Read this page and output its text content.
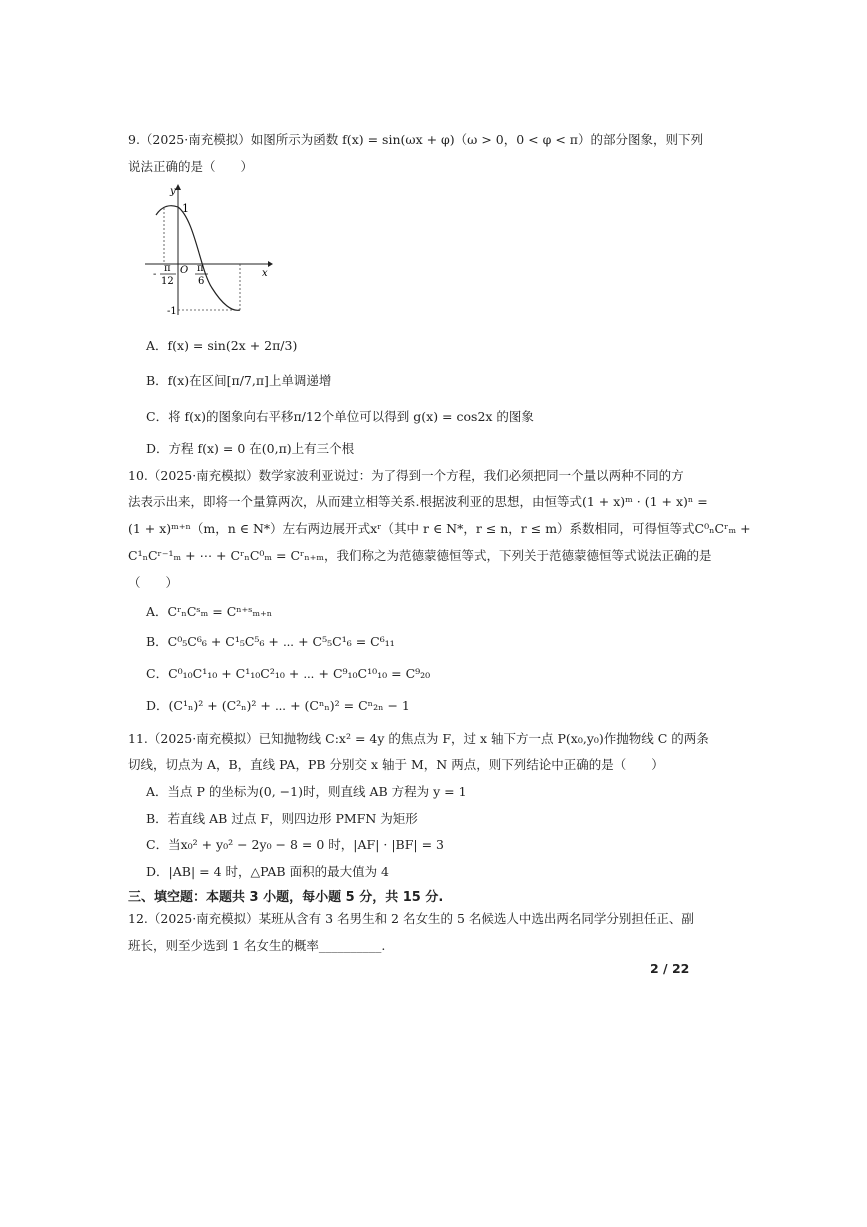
9.（2025·南充模拟）如图所示为函数 f(x) = sin(ωx + φ)（ω > 0，0 < φ < π）的部分图象，则下列
说法正确的是（　　）
y
1
x
O
-
π
12
π
6
-1
A．f(x) = sin(2x + 2π/3)
B．f(x)在区间[π/7,π]上单调递增
C．将 f(x)的图象向右平移π/12个单位可以得到 g(x) = cos2x 的图象
D．方程 f(x) = 0 在(0,π)上有三个根
10.（2025·南充模拟）数学家波利亚说过：为了得到一个方程，我们必须把同一个量以两种不同的方
法表示出来，即将一个量算两次，从而建立相等关系.根据波利亚的思想，由恒等式(1 + x)ᵐ · (1 + x)ⁿ =
(1 + x)ᵐ⁺ⁿ（m，n ∈ N*）左右两边展开式xʳ（其中 r ∈ N*，r ≤ n，r ≤ m）系数相同，可得恒等式C⁰ₙCʳₘ +
C¹ₙCʳ⁻¹ₘ + ⋯ + CʳₙC⁰ₘ = Cʳₙ₊ₘ，我们称之为范德蒙德恒等式，下列关于范德蒙德恒等式说法正确的是
（　　）
A．CʳₙCˢₘ = Cⁿ⁺ˢₘ₊ₙ
B．C⁰₅C⁶₆ + C¹₅C⁵₆ + ⋯ + C⁵₅C¹₆ = C⁶₁₁
C．C⁰₁₀C¹₁₀ + C¹₁₀C²₁₀ + ⋯ + C⁹₁₀C¹⁰₁₀ = C⁹₂₀
D．(C¹ₙ)² + (C²ₙ)² + ⋯ + (Cⁿₙ)² = Cⁿ₂ₙ − 1
11.（2025·南充模拟）已知抛物线 C:x² = 4y 的焦点为 F，过 x 轴下方一点 P(x₀,y₀)作抛物线 C 的两条
切线，切点为 A，B，直线 PA，PB 分别交 x 轴于 M，N 两点，则下列结论中正确的是（　　）
A．当点 P 的坐标为(0, −1)时，则直线 AB 方程为 y = 1
B．若直线 AB 过点 F，则四边形 PMFN 为矩形
C．当x₀² + y₀² − 2y₀ − 8 = 0 时，|AF| · |BF| = 3
D．|AB| = 4 时，△PAB 面积的最大值为 4
三、填空题：本题共 3 小题，每小题 5 分，共 15 分.
12.（2025·南充模拟）某班从含有 3 名男生和 2 名女生的 5 名候选人中选出两名同学分别担任正、副
班长，则至少选到 1 名女生的概率__________.
2 / 22
